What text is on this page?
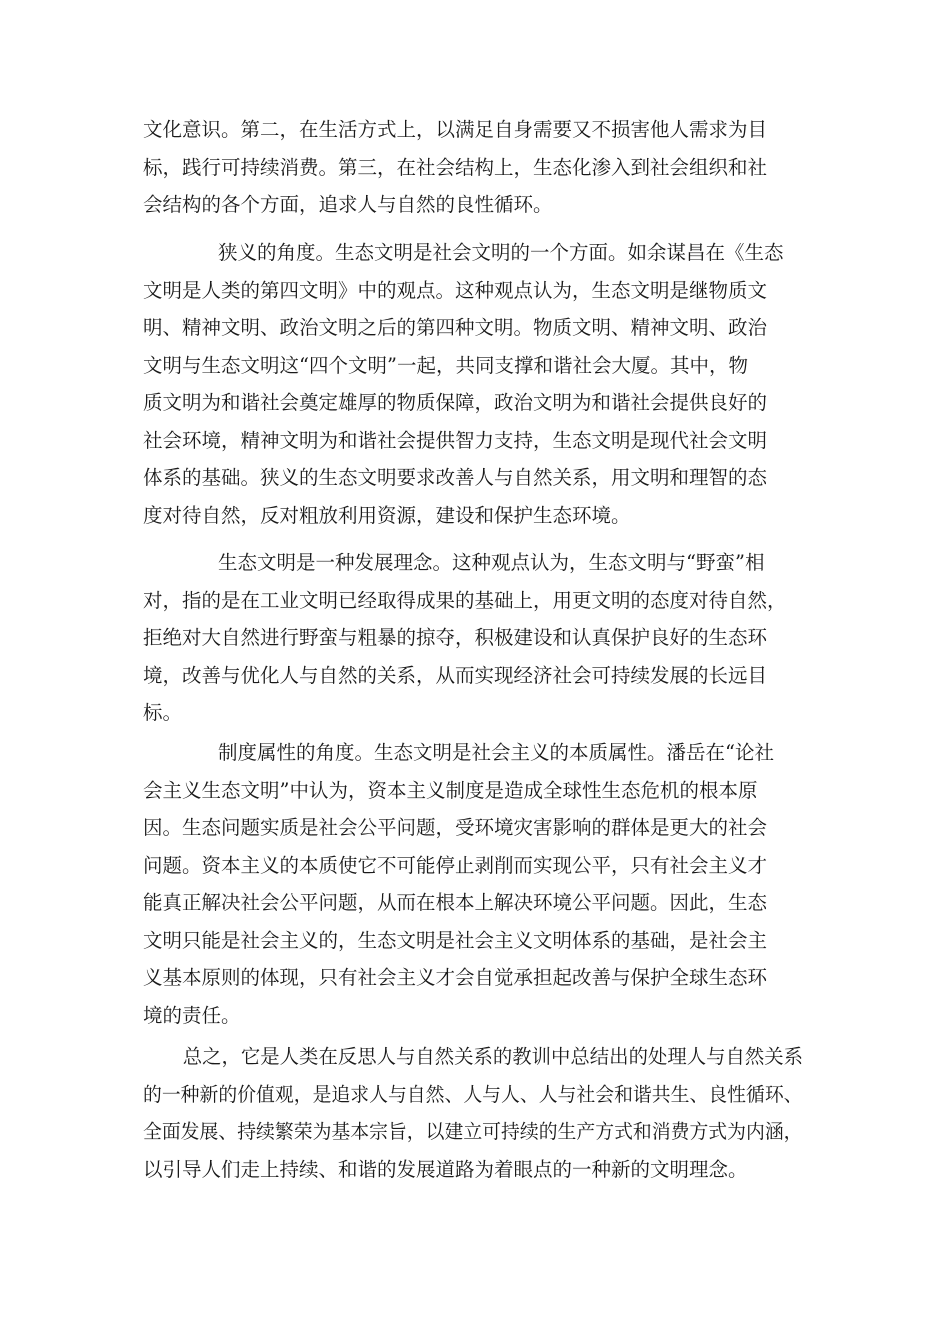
文化意识。第二，在生活方式上，以满足自身需要又不损害他人需求为目
标，践行可持续消费。第三，在社会结构上，生态化渗入到社会组织和社
会结构的各个方面，追求人与自然的良性循环。
狭义的角度。生态文明是社会文明的一个方面。如余谋昌在《生态
文明是人类的第四文明》中的观点。这种观点认为，生态文明是继物质文
明、精神文明、政治文明之后的第四种文明。物质文明、精神文明、政治
文明与生态文明这“四个文明”一起，共同支撑和谐社会大厦。其中，物
质文明为和谐社会奠定雄厚的物质保障，政治文明为和谐社会提供良好的
社会环境，精神文明为和谐社会提供智力支持，生态文明是现代社会文明
体系的基础。狭义的生态文明要求改善人与自然关系，用文明和理智的态
度对待自然，反对粗放利用资源，建设和保护生态环境。
生态文明是一种发展理念。这种观点认为，生态文明与“野蛮”相
对，指的是在工业文明已经取得成果的基础上，用更文明的态度对待自然，
拒绝对大自然进行野蛮与粗暴的掠夺，积极建设和认真保护良好的生态环
境，改善与优化人与自然的关系，从而实现经济社会可持续发展的长远目
标。
制度属性的角度。生态文明是社会主义的本质属性。潘岳在“论社
会主义生态文明”中认为，资本主义制度是造成全球性生态危机的根本原
因。生态问题实质是社会公平问题，受环境灾害影响的群体是更大的社会
问题。资本主义的本质使它不可能停止剥削而实现公平，只有社会主义才
能真正解决社会公平问题，从而在根本上解决环境公平问题。因此，生态
文明只能是社会主义的，生态文明是社会主义文明体系的基础，是社会主
义基本原则的体现，只有社会主义才会自觉承担起改善与保护全球生态环
境的责任。
总之，它是人类在反思人与自然关系的教训中总结出的处理人与自然关系
的一种新的价值观，是追求人与自然、人与人、人与社会和谐共生、良性循环、
全面发展、持续繁荣为基本宗旨，以建立可持续的生产方式和消费方式为内涵，
以引导人们走上持续、和谐的发展道路为着眼点的一种新的文明理念。
